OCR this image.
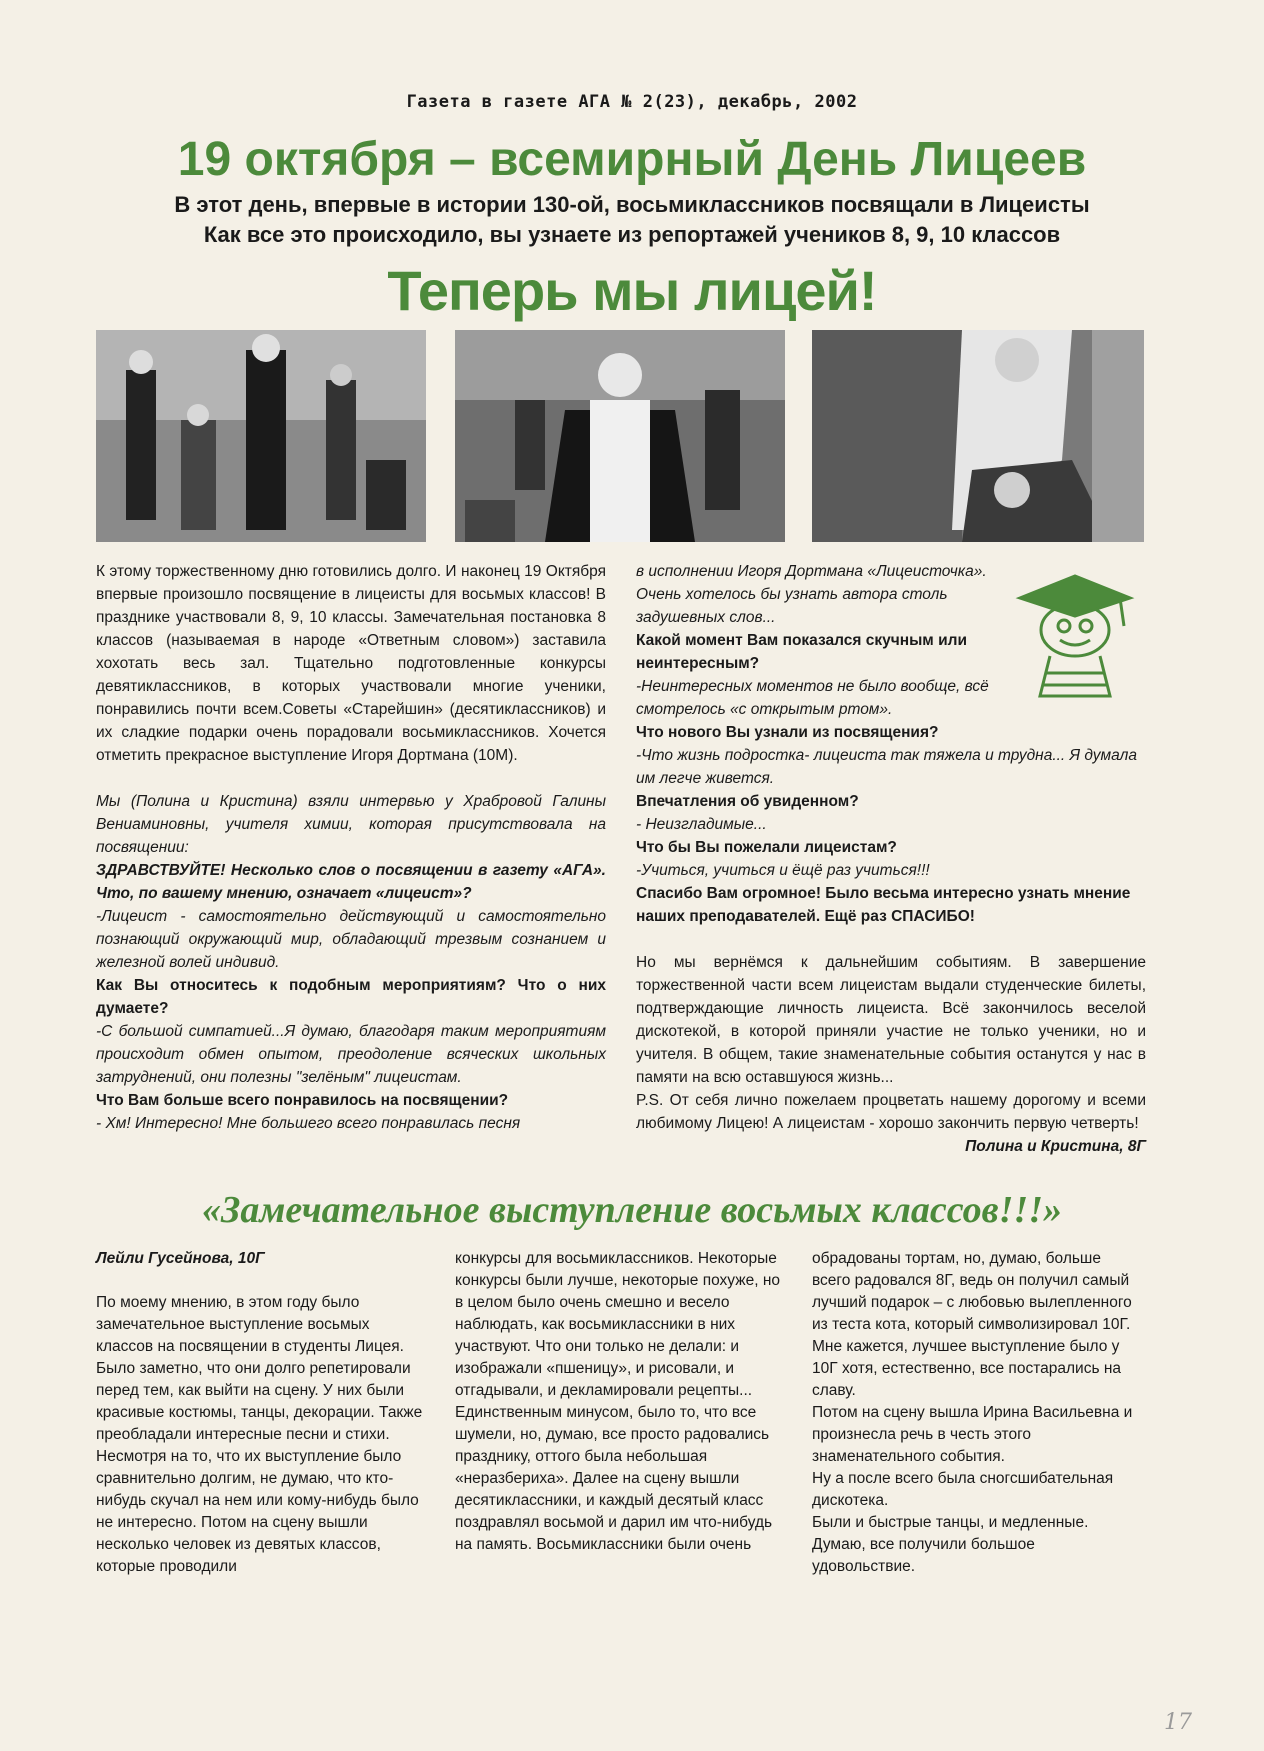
Газета в газете АГА № 2(23), декабрь, 2002
19 октября – всемирный День Лицеев
В этот день, впервые в истории 130-ой, восьмиклассников посвящали в Лицеисты
Как все это происходило, вы узнаете из репортажей учеников 8, 9, 10 классов
Теперь мы лицей!

К этому торжественному дню готовились долго. И наконец 19 Октября впервые произошло посвящение в лицеисты для восьмых классов! В празднике участвовали 8, 9, 10 классы. Замечательная постановка 8 классов (называемая в народе «Ответным словом») заставила хохотать весь зал. Тщательно подготовленные конкурсы девятиклассников, в которых участвовали многие ученики, понравились почти всем.Советы «Старейшин» (десятиклассников) и их сладкие подарки очень порадовали восьмиклассников. Хочется отметить прекрасное выступление Игоря Дортмана (10М).

Мы (Полина и Кристина) взяли интервью у Храбровой Галины Вениаминовны, учителя химии, которая присутствовала на посвящении:

ЗДРАВСТВУЙТЕ! Несколько слов о посвящении в газету «АГА». Что, по вашему мнению, означает «лицеист»?

-Лицеист - самостоятельно действующий и самостоятельно познающий окружающий мир, обладающий трезвым сознанием и железной волей индивид.

Как Вы относитесь к подобным мероприятиям? Что о них думаете?

-С большой симпатией...Я думаю, благодаря таким мероприятиям происходит обмен опытом, преодоление всяческих школьных затруднений, они полезны "зелёным" лицеистам.

Что Вам больше всего понравилось на посвящении?

- Хм! Интересно! Мне большего всего понравилась песня

в исполнении Игоря Дортмана «Лицеисточка». Очень хотелось бы узнать автора столь задушевных слов...

Какой момент Вам показался скучным или неинтересным?

-Неинтересных моментов не было вообще, всё смотрелось «с открытым ртом».

Что нового Вы узнали из посвящения?

-Что жизнь подростка- лицеиста так тяжела и трудна... Я думала им легче живется.

Впечатления об увиденном?

- Неизгладимые...

Что бы Вы пожелали лицеистам?

-Учиться, учиться и ёщё раз учиться!!!

Спасибо Вам огромное! Было весьма интересно узнать мнение наших преподавателей. Ещё раз СПАСИБО!

Но мы вернёмся к дальнейшим событиям. В завершение торжественной части всем лицеистам выдали студенческие билеты, подтверждающие личность лицеиста. Всё закончилось веселой дискотекой, в которой приняли участие не только ученики, но и учителя. В общем, такие знаменательные события останутся у нас в памяти на всю оставшуюся жизнь...

P.S. От себя лично пожелаем процветать нашему дорогому и всеми любимому Лицею! А лицеистам - хорошо закончить первую четверть!

Полина и Кристина, 8Г

«Замечательное выступление восьмых классов!!!»

Лейли Гусейнова, 10Г

По моему мнению, в этом году было замечательное выступление восьмых классов на посвящении в студенты Лицея. Было заметно, что они долго репетировали перед тем, как выйти на сцену. У них были красивые костюмы, танцы, декорации. Также преобладали интересные песни и стихи. Несмотря на то, что их выступление было сравнительно долгим, не думаю, что кто-нибудь скучал на нем или кому-нибудь было не интересно. Потом на сцену вышли несколько человек из девятых классов, которые проводили

конкурсы для восьмиклассников. Некоторые конкурсы были лучше, некоторые похуже, но в целом было очень смешно и весело наблюдать, как восьмиклассники в них участвуют. Что они только не делали: и изображали «пшеницу», и рисовали, и отгадывали, и декламировали рецепты... Единственным минусом, было то, что все шумели, но, думаю, все просто радовались празднику, оттого была небольшая «неразбериха». Далее на сцену вышли десятиклассники, и каждый десятый класс поздравлял восьмой и дарил им что-нибудь на память. Восьмиклассники были очень

обрадованы тортам, но, думаю, больше всего радовался 8Г, ведь он получил самый лучший подарок – с любовью вылепленного из теста кота, который символизировал 10Г.

Мне кажется, лучшее выступление было у 10Г хотя, естественно, все постарались на славу.

Потом на сцену вышла Ирина Васильевна и произнесла речь в честь этого знаменательного события.

Ну а после всего была сногсшибательная дискотека.

Были и быстрые танцы, и медленные. Думаю, все получили большое удовольствие.

17
